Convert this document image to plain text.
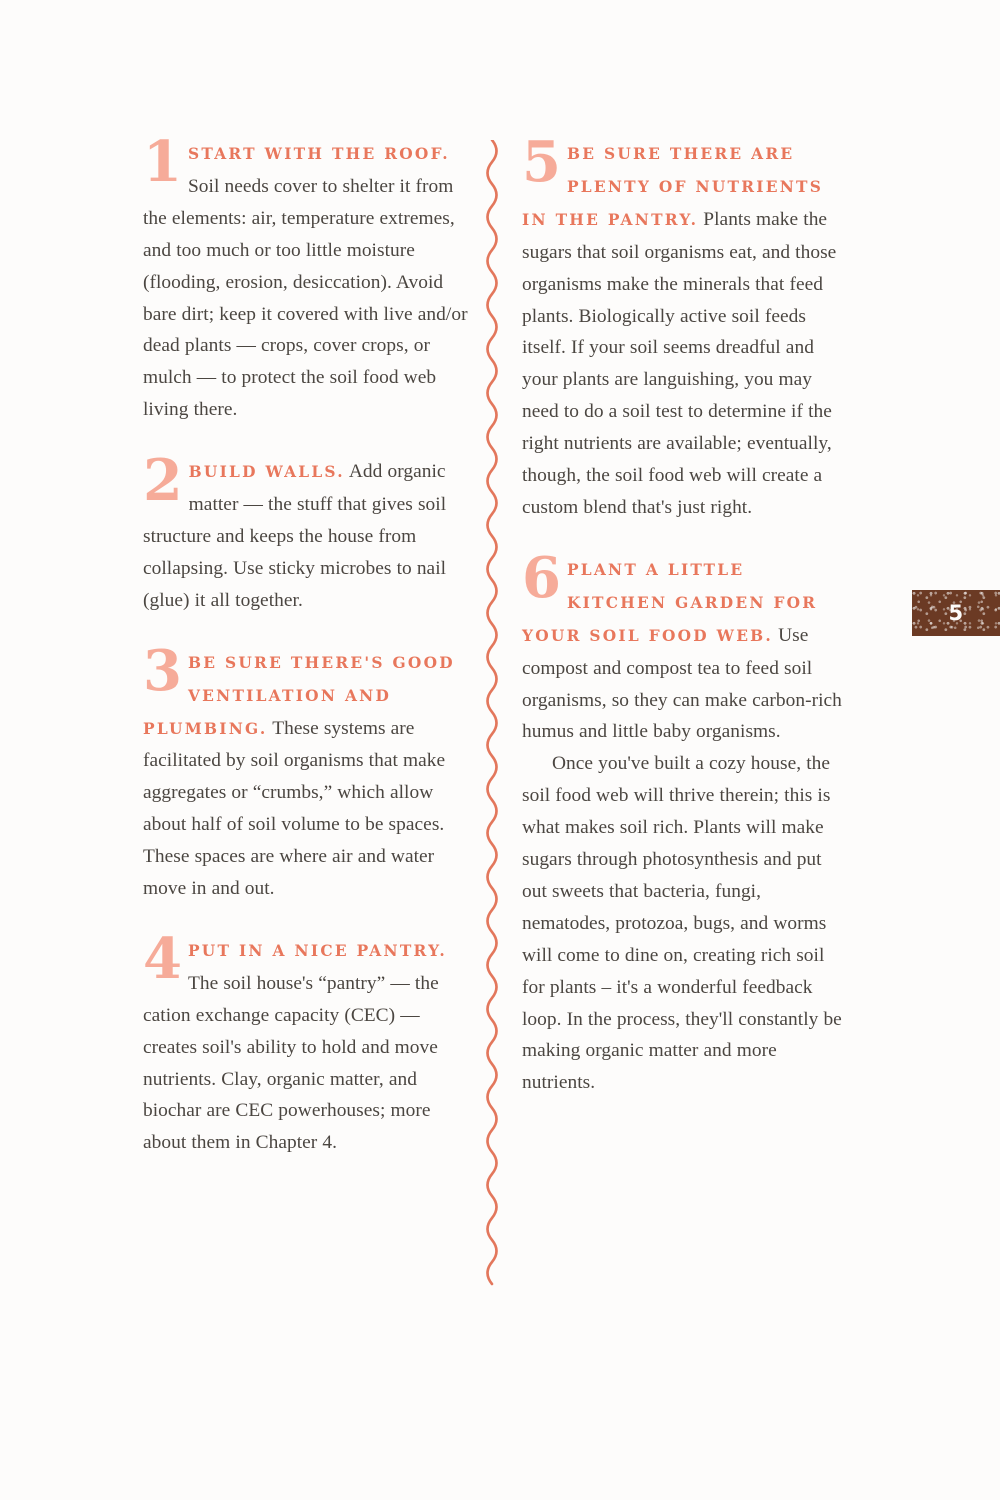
1 START WITH THE ROOF. Soil needs cover to shelter it from the elements: air, temperature extremes, and too much or too little moisture (flooding, erosion, desiccation). Avoid bare dirt; keep it covered with live and/or dead plants — crops, cover crops, or mulch — to protect the soil food web living there.
2 BUILD WALLS. Add organic matter — the stuff that gives soil structure and keeps the house from collapsing. Use sticky microbes to nail (glue) it all together.
3 BE SURE THERE'S GOOD VENTILATION AND PLUMBING. These systems are facilitated by soil organisms that make aggregates or “crumbs,” which allow about half of soil volume to be spaces. These spaces are where air and water move in and out.
4 PUT IN A NICE PANTRY. The soil house's “pantry” — the cation exchange capacity (CEC) — creates soil's ability to hold and move nutrients. Clay, organic matter, and biochar are CEC powerhouses; more about them in Chapter 4.
5 BE SURE THERE ARE PLENTY OF NUTRIENTS IN THE PANTRY. Plants make the sugars that soil organisms eat, and those organisms make the minerals that feed plants. Biologically active soil feeds itself. If your soil seems dreadful and your plants are languishing, you may need to do a soil test to determine if the right nutrients are available; eventually, though, the soil food web will create a custom blend that's just right.
6 PLANT A LITTLE KITCHEN GARDEN FOR YOUR SOIL FOOD WEB. Use compost and compost tea to feed soil organisms, so they can make carbon-rich humus and little baby organisms.
Once you've built a cozy house, the soil food web will thrive therein; this is what makes soil rich. Plants will make sugars through photosynthesis and put out sweets that bacteria, fungi, nematodes, protozoa, bugs, and worms will come to dine on, creating rich soil for plants – it's a wonderful feedback loop. In the process, they'll constantly be making organic matter and more nutrients.
5
